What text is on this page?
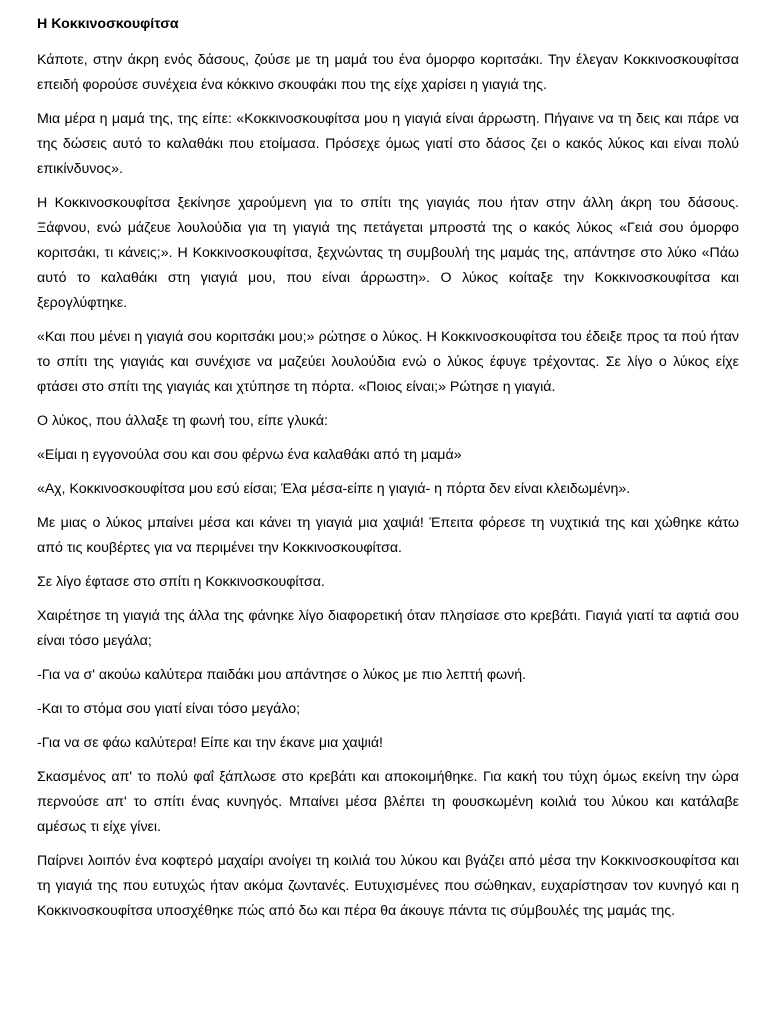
Η Κοκκινοσκουφίτσα

Κάποτε, στην άκρη ενός δάσους, ζούσε με τη μαμά του ένα όμορφο κοριτσάκι. Την έλεγαν Κοκκινοσκουφίτσα επειδή φορούσε συνέχεια ένα κόκκινο σκουφάκι που της είχε χαρίσει η γιαγιά της.

Μια μέρα η μαμά της, της είπε: «Κοκκινοσκουφίτσα μου η γιαγιά είναι άρρωστη. Πήγαινε να τη δεις και πάρε να της δώσεις αυτό το καλαθάκι που ετοίμασα. Πρόσεχε όμως γιατί στο δάσος ζει ο κακός λύκος και είναι πολύ επικίνδυνος».

Η Κοκκινοσκουφίτσα ξεκίνησε χαρούμενη για το σπίτι της γιαγιάς που ήταν στην άλλη άκρη του δάσους. Ξάφνου, ενώ μάζευε λουλούδια για τη γιαγιά της πετάγεται μπροστά της ο κακός λύκος «Γειά σου όμορφο κοριτσάκι, τι κάνεις;». Η Κοκκινοσκουφίτσα, ξεχνώντας τη συμβουλή της μαμάς της, απάντησε στο λύκο «Πάω αυτό το καλαθάκι στη γιαγιά μου, που είναι άρρωστη». Ο λύκος κοίταξε την Κοκκινοσκουφίτσα και ξερογλύφτηκε.

«Και που μένει η γιαγιά σου κοριτσάκι μου;» ρώτησε ο λύκος. Η Κοκκινοσκουφίτσα του έδειξε προς τα πού ήταν το σπίτι της γιαγιάς και συνέχισε να μαζεύει λουλούδια ενώ ο λύκος έφυγε τρέχοντας. Σε λίγο ο λύκος είχε φτάσει στο σπίτι της γιαγιάς και χτύπησε τη πόρτα. «Ποιος είναι;» Ρώτησε η γιαγιά.

Ο λύκος, που άλλαξε τη φωνή του, είπε γλυκά:

«Είμαι η εγγονούλα σου και σου φέρνω ένα καλαθάκι από τη μαμά»

«Αχ, Κοκκινοσκουφίτσα μου εσύ είσαι; Έλα μέσα-είπε η γιαγιά- η πόρτα δεν είναι κλειδωμένη».

Με μιας ο λύκος μπαίνει μέσα και κάνει τη γιαγιά μια χαψιά! Έπειτα φόρεσε τη νυχτικιά της και χώθηκε κάτω από τις κουβέρτες για να περιμένει την Κοκκινοσκουφίτσα.

Σε λίγο έφτασε στο σπίτι η Κοκκινοσκουφίτσα.

Χαιρέτησε τη γιαγιά της άλλα της φάνηκε λίγο διαφορετική όταν πλησίασε στο κρεβάτι. Γιαγιά γιατί τα αφτιά σου είναι τόσο μεγάλα;

-Για να σ' ακούω καλύτερα παιδάκι μου απάντησε ο λύκος με πιο λεπτή φωνή.

-Και το στόμα σου γιατί είναι τόσο μεγάλο;

-Για να σε φάω καλύτερα! Είπε και την έκανε μια χαψιά!

Σκασμένος απ' το πολύ φαΐ ξάπλωσε στο κρεβάτι και αποκοιμήθηκε. Για κακή του τύχη όμως εκείνη την ώρα περνούσε απ' το σπίτι ένας κυνηγός. Μπαίνει μέσα βλέπει τη φουσκωμένη κοιλιά του λύκου και κατάλαβε αμέσως τι είχε γίνει.

Παίρνει λοιπόν ένα κοφτερό μαχαίρι ανοίγει τη κοιλιά του λύκου και βγάζει από μέσα την Κοκκινοσκουφίτσα και τη γιαγιά της που ευτυχώς ήταν ακόμα ζωντανές. Ευτυχισμένες που σώθηκαν, ευχαρίστησαν τον κυνηγό και η Κοκκινοσκουφίτσα υποσχέθηκε πώς από δω και πέρα θα άκουγε πάντα τις σύμβουλές της μαμάς της.
